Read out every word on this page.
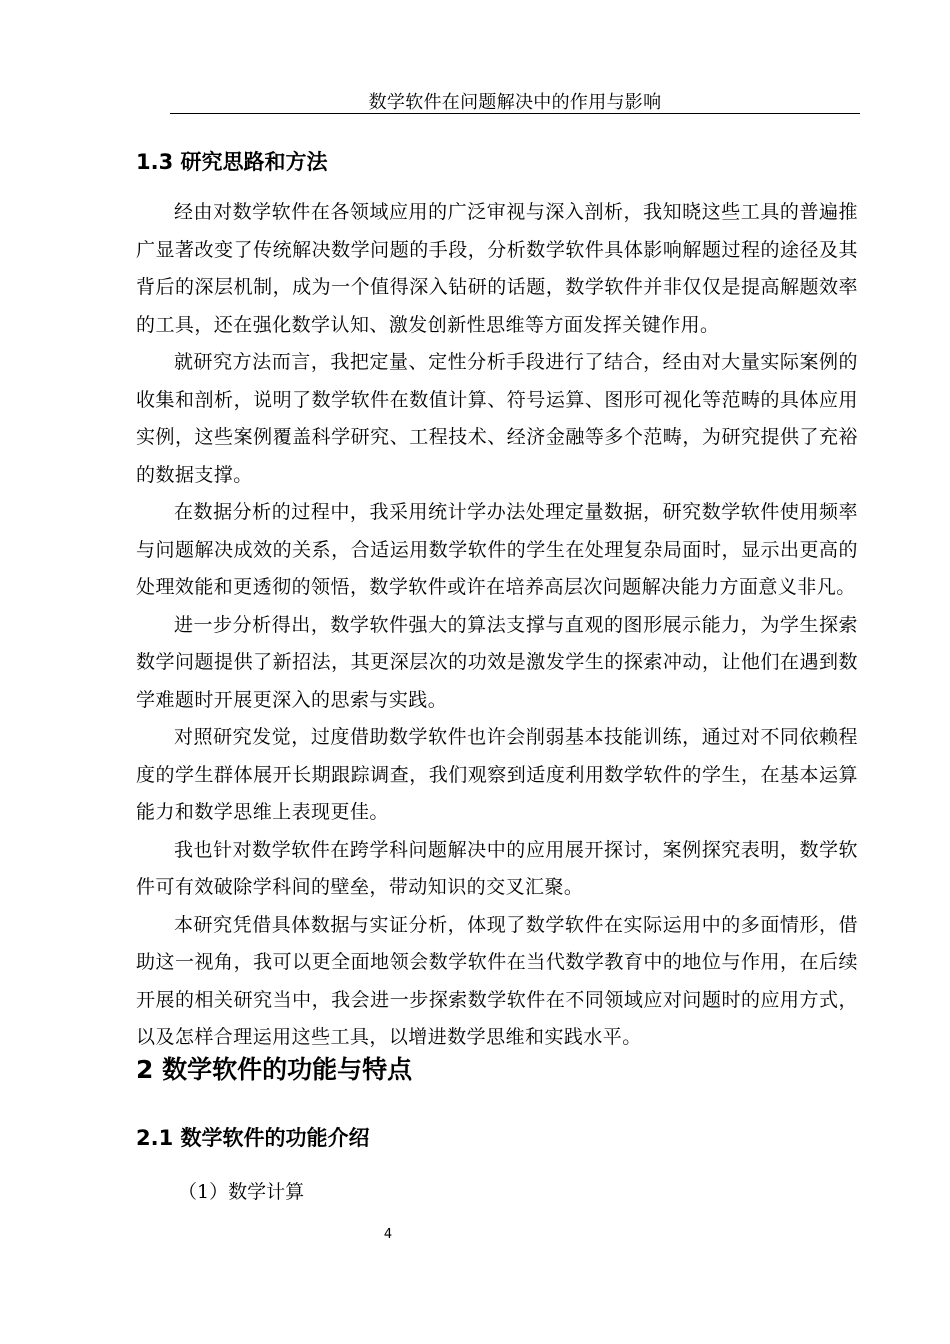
数学软件在问题解决中的作用与影响
1.3 研究思路和方法

经由对数学软件在各领域应用的广泛审视与深入剖析，我知晓这些工具的普遍推广显著改变了传统解决数学问题的手段，分析数学软件具体影响解题过程的途径及其背后的深层机制，成为一个值得深入钻研的话题，数学软件并非仅仅是提高解题效率的工具，还在强化数学认知、激发创新性思维等方面发挥关键作用。

就研究方法而言，我把定量、定性分析手段进行了结合，经由对大量实际案例的收集和剖析，说明了数学软件在数值计算、符号运算、图形可视化等范畴的具体应用实例，这些案例覆盖科学研究、工程技术、经济金融等多个范畴，为研究提供了充裕的数据支撑。

在数据分析的过程中，我采用统计学办法处理定量数据，研究数学软件使用频率与问题解决成效的关系，合适运用数学软件的学生在处理复杂局面时，显示出更高的处理效能和更透彻的领悟，数学软件或许在培养高层次问题解决能力方面意义非凡。

进一步分析得出，数学软件强大的算法支撑与直观的图形展示能力，为学生探索数学问题提供了新招法，其更深层次的功效是激发学生的探索冲动，让他们在遇到数学难题时开展更深入的思索与实践。

对照研究发觉，过度借助数学软件也许会削弱基本技能训练，通过对不同依赖程度的学生群体展开长期跟踪调查，我们观察到适度利用数学软件的学生，在基本运算能力和数学思维上表现更佳。

我也针对数学软件在跨学科问题解决中的应用展开探讨，案例探究表明，数学软件可有效破除学科间的壁垒，带动知识的交叉汇聚。

本研究凭借具体数据与实证分析，体现了数学软件在实际运用中的多面情形，借助这一视角，我可以更全面地领会数学软件在当代数学教育中的地位与作用，在后续开展的相关研究当中，我会进一步探索数学软件在不同领域应对问题时的应用方式，以及怎样合理运用这些工具，以增进数学思维和实践水平。

2 数学软件的功能与特点
2.1 数学软件的功能介绍
（1）数学计算
4
